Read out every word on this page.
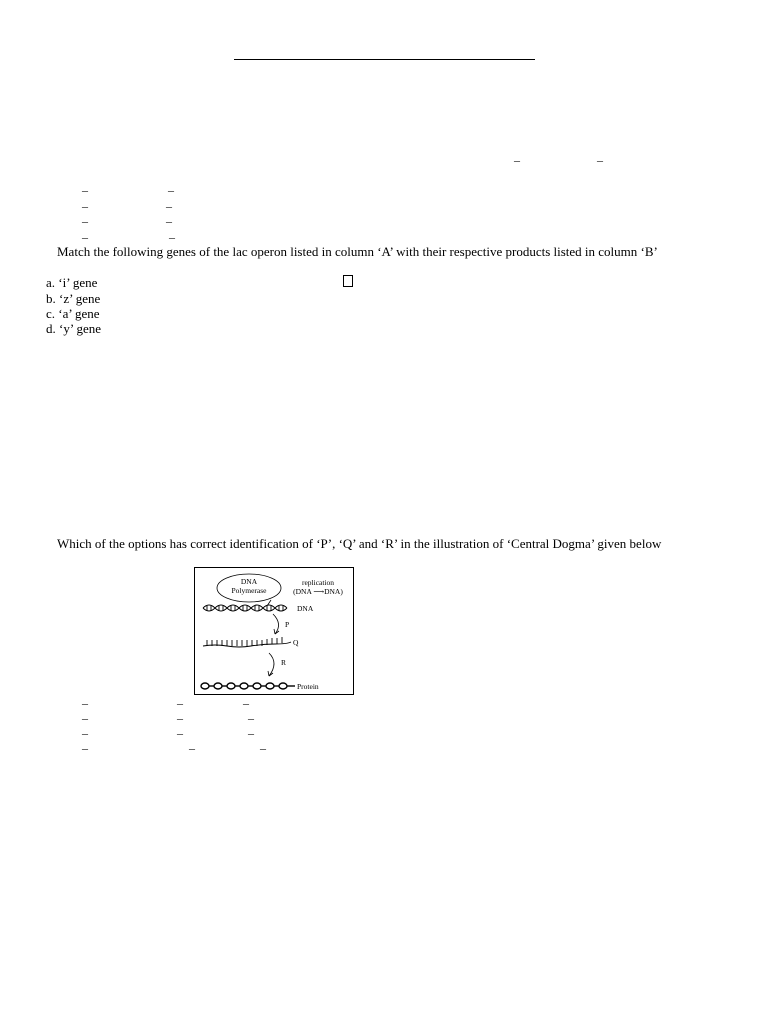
–	–
–	–
–	–
–	–
–	–
Match the following genes of the lac operon listed in column ‘A’ with their respective products listed in column ‘B’
a. ‘i’ gene
b. ‘z’ gene
c. ‘a’ gene
d. ‘y’ gene
Which of the options has correct identification of ‘P’, ‘Q’ and ‘R’ in the illustration of ‘Central Dogma’ given below
DNA
Polymerase
replication
(DNA ⟶DNA)
DNA
P
Q
R
Protein
–	–	–
–	–	–
–	–	–
–	–	–
